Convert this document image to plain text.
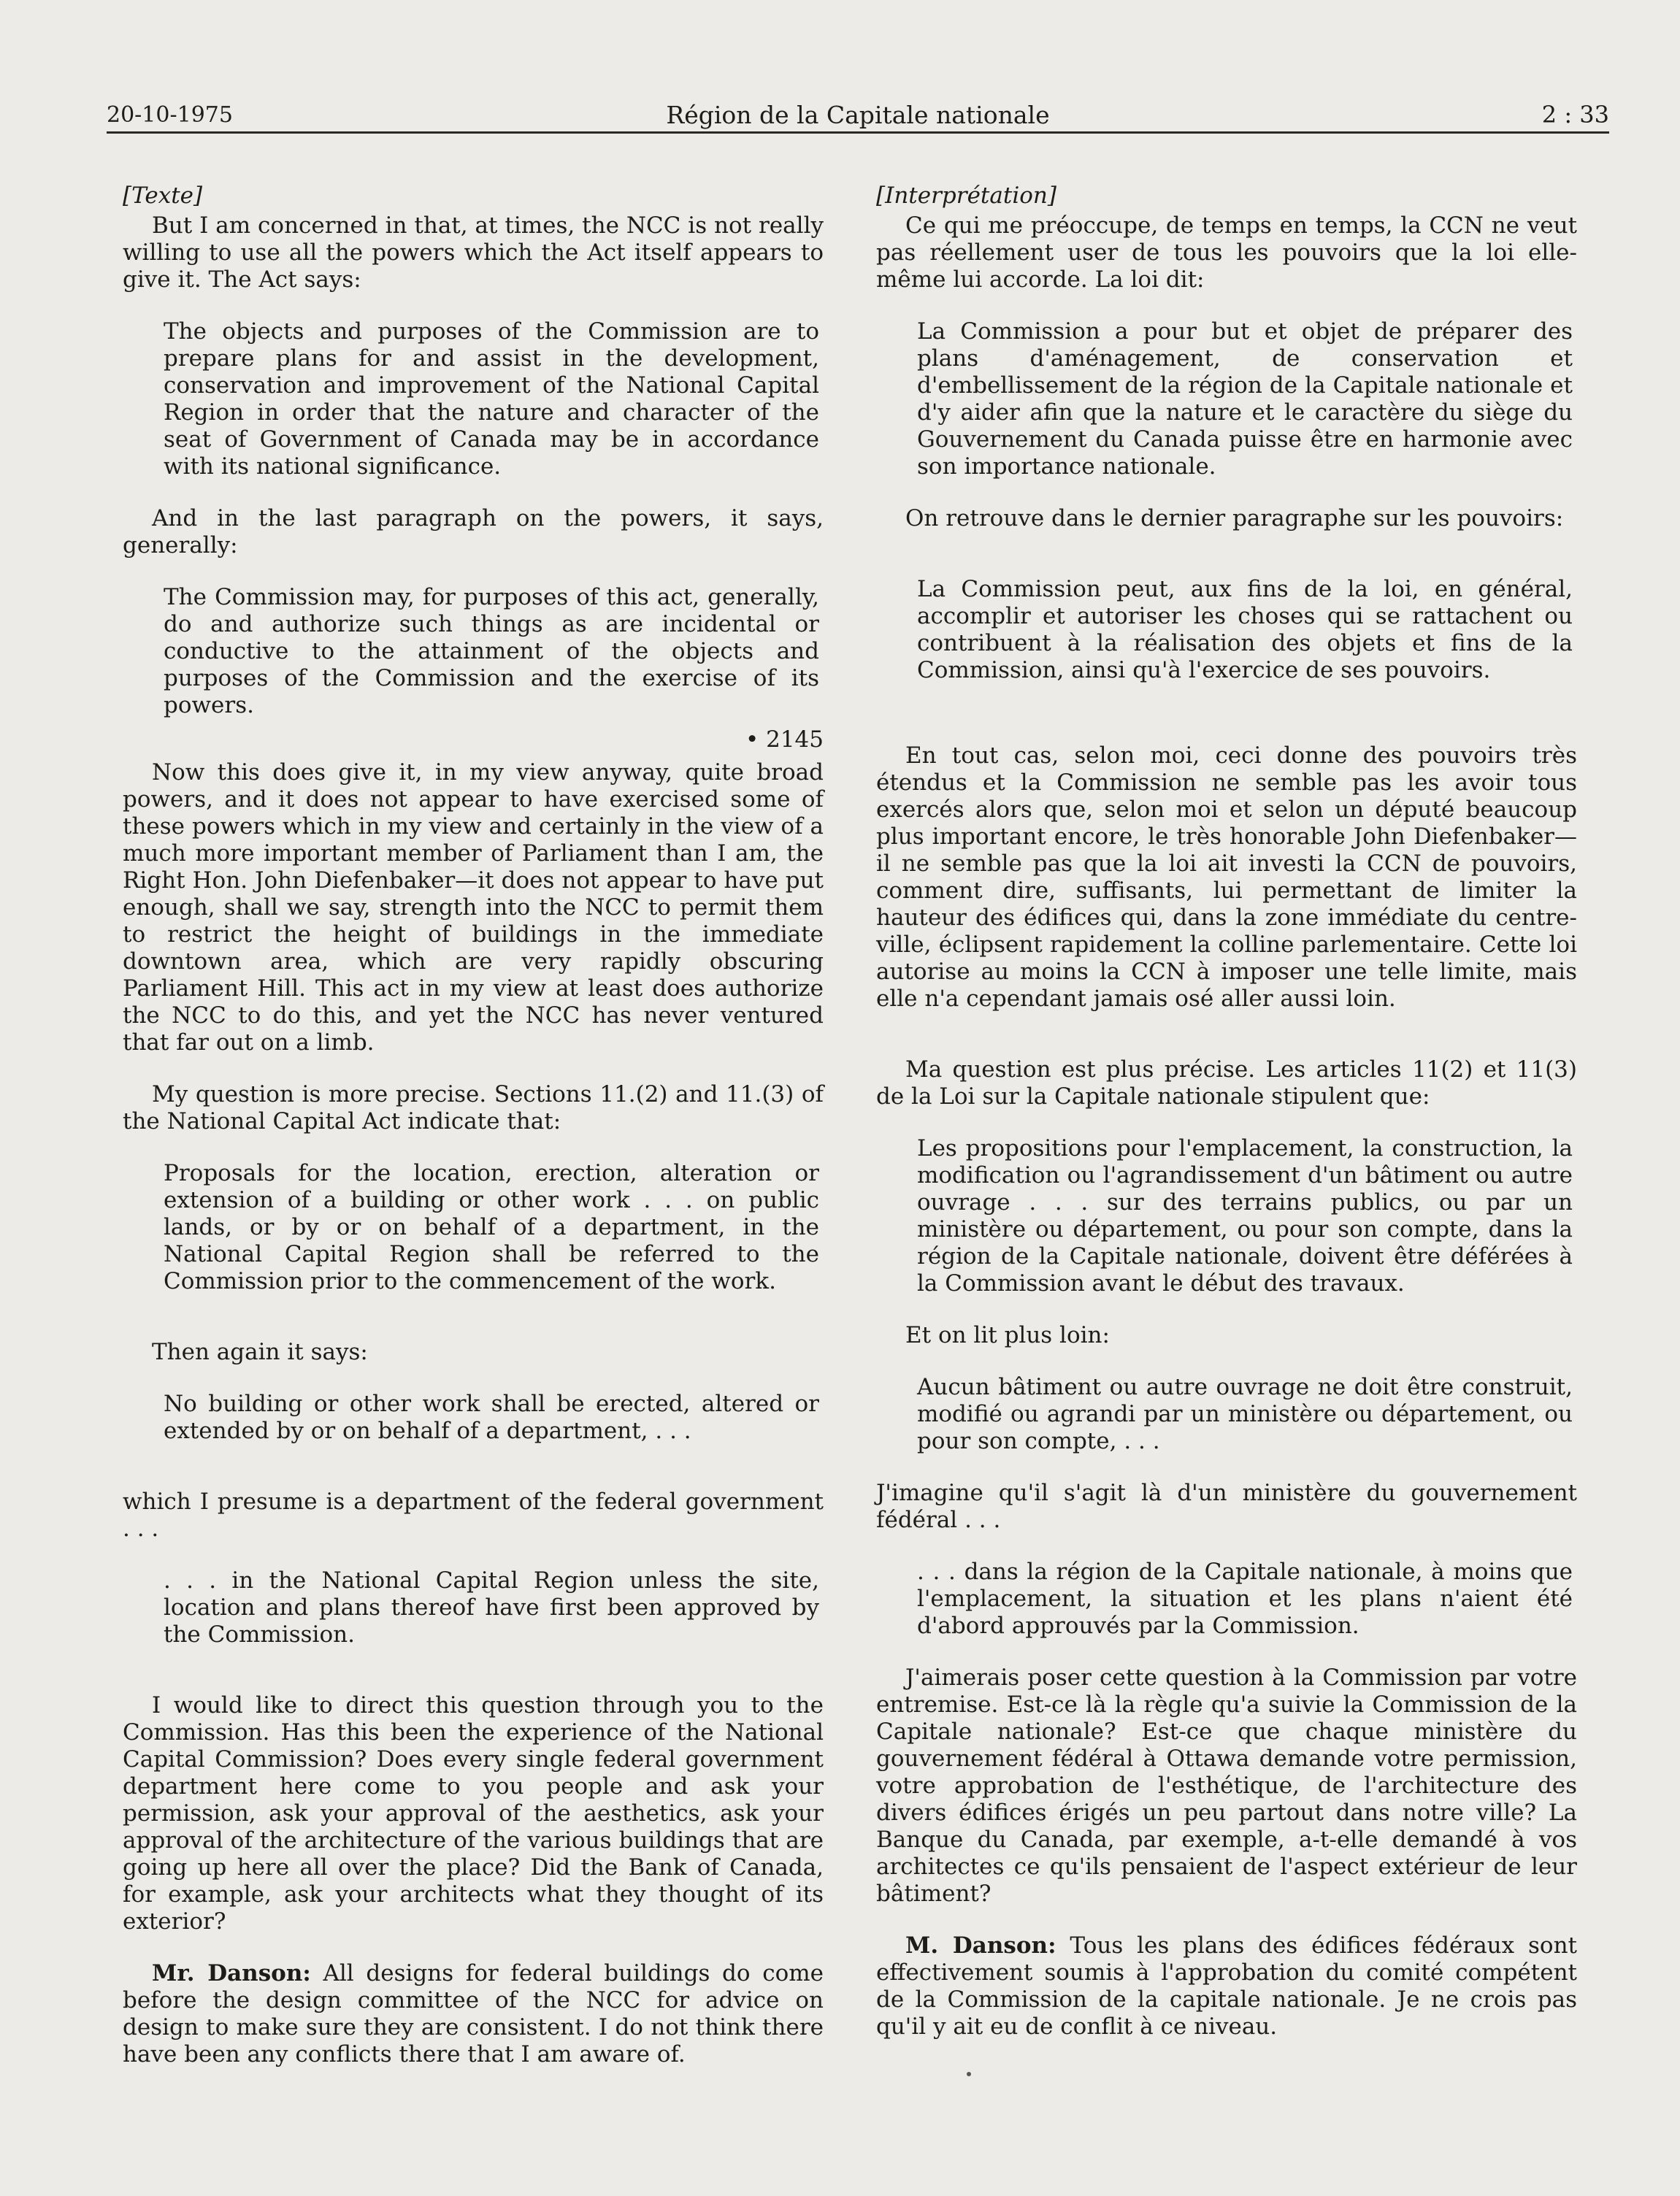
20-10-1975	Région de la Capitale nationale	2 : 33

[Texte]

But I am concerned in that, at times, the NCC is not really willing to use all the powers which the Act itself appears to give it. The Act says:

The objects and purposes of the Commission are to prepare plans for and assist in the development, conservation and improvement of the National Capital Region in order that the nature and character of the seat of Government of Canada may be in accordance with its national significance.

And in the last paragraph on the powers, it says, generally:

The Commission may, for purposes of this act, generally, do and authorize such things as are incidental or conductive to the attainment of the objects and purposes of the Commission and the exercise of its powers.

• 2145

Now this does give it, in my view anyway, quite broad powers, and it does not appear to have exercised some of these powers which in my view and certainly in the view of a much more important member of Parliament than I am, the Right Hon. John Diefenbaker—it does not appear to have put enough, shall we say, strength into the NCC to permit them to restrict the height of buildings in the immediate downtown area, which are very rapidly obscuring Parliament Hill. This act in my view at least does authorize the NCC to do this, and yet the NCC has never ventured that far out on a limb.

My question is more precise. Sections 11.(2) and 11.(3) of the National Capital Act indicate that:

Proposals for the location, erection, alteration or extension of a building or other work . . . on public lands, or by or on behalf of a department, in the National Capital Region shall be referred to the Commission prior to the commencement of the work.

Then again it says:

No building or other work shall be erected, altered or extended by or on behalf of a department, . . .

which I presume is a department of the federal government . . .

. . . in the National Capital Region unless the site, location and plans thereof have first been approved by the Commission.

I would like to direct this question through you to the Commission. Has this been the experience of the National Capital Commission? Does every single federal government department here come to you people and ask your permission, ask your approval of the aesthetics, ask your approval of the architecture of the various buildings that are going up here all over the place? Did the Bank of Canada, for example, ask your architects what they thought of its exterior?

Mr. Danson: All designs for federal buildings do come before the design committee of the NCC for advice on design to make sure they are consistent. I do not think there have been any conflicts there that I am aware of.

[Interprétation]

Ce qui me préoccupe, de temps en temps, la CCN ne veut pas réellement user de tous les pouvoirs que la loi elle-même lui accorde. La loi dit:

La Commission a pour but et objet de préparer des plans d'aménagement, de conservation et d'embellissement de la région de la Capitale nationale et d'y aider afin que la nature et le caractère du siège du Gouvernement du Canada puisse être en harmonie avec son importance nationale.

On retrouve dans le dernier paragraphe sur les pouvoirs:

La Commission peut, aux fins de la loi, en général, accomplir et autoriser les choses qui se rattachent ou contribuent à la réalisation des objets et fins de la Commission, ainsi qu'à l'exercice de ses pouvoirs.

En tout cas, selon moi, ceci donne des pouvoirs très étendus et la Commission ne semble pas les avoir tous exercés alors que, selon moi et selon un député beaucoup plus important encore, le très honorable John Diefenbaker—il ne semble pas que la loi ait investi la CCN de pouvoirs, comment dire, suffisants, lui permettant de limiter la hauteur des édifices qui, dans la zone immédiate du centre-ville, éclipsent rapidement la colline parlementaire. Cette loi autorise au moins la CCN à imposer une telle limite, mais elle n'a cependant jamais osé aller aussi loin.

Ma question est plus précise. Les articles 11(2) et 11(3) de la Loi sur la Capitale nationale stipulent que:

Les propositions pour l'emplacement, la construction, la modification ou l'agrandissement d'un bâtiment ou autre ouvrage . . . sur des terrains publics, ou par un ministère ou département, ou pour son compte, dans la région de la Capitale nationale, doivent être déférées à la Commission avant le début des travaux.

Et on lit plus loin:

Aucun bâtiment ou autre ouvrage ne doit être construit, modifié ou agrandi par un ministère ou département, ou pour son compte, . . .

J'imagine qu'il s'agit là d'un ministère du gouvernement fédéral . . .

. . . dans la région de la Capitale nationale, à moins que l'emplacement, la situation et les plans n'aient été d'abord approuvés par la Commission.

J'aimerais poser cette question à la Commission par votre entremise. Est-ce là la règle qu'a suivie la Commission de la Capitale nationale? Est-ce que chaque ministère du gouvernement fédéral à Ottawa demande votre permission, votre approbation de l'esthétique, de l'architecture des divers édifices érigés un peu partout dans notre ville? La Banque du Canada, par exemple, a-t-elle demandé à vos architectes ce qu'ils pensaient de l'aspect extérieur de leur bâtiment?

M. Danson: Tous les plans des édifices fédéraux sont effectivement soumis à l'approbation du comité compétent de la Commission de la capitale nationale. Je ne crois pas qu'il y ait eu de conflit à ce niveau.
